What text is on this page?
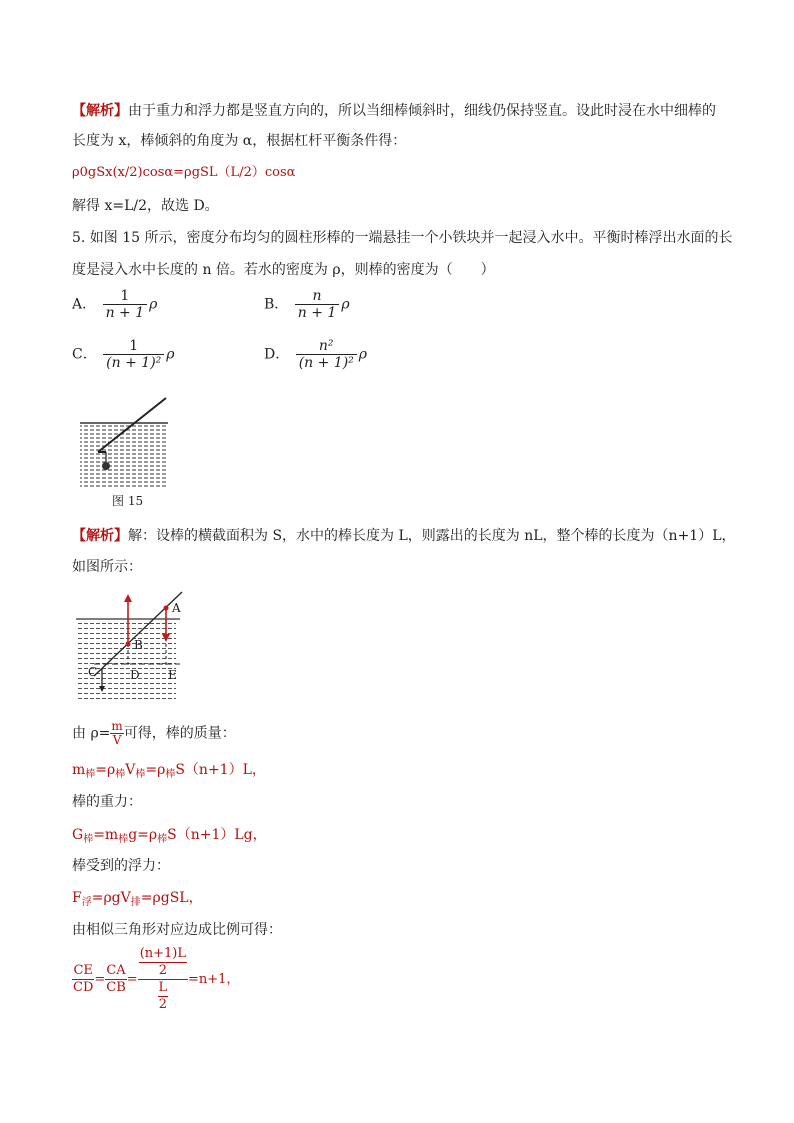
【解析】由于重力和浮力都是竖直方向的，所以当细棒倾斜时，细线仍保持竖直。设此时浸在水中细棒的
长度为 x，棒倾斜的角度为 α，根据杠杆平衡条件得：
ρ0gSx(x/2)cosα=ρgSL（L/2）cosα
解得 x=L/2，故选 D。
5. 如图 15 所示，密度分布均匀的圆柱形棒的一端悬挂一个小铁块并一起浸入水中。平衡时棒浮出水面的长
度是浸入水中长度的 n 倍。若水的密度为 ρ，则棒的密度为（　　）
A． $\frac{1}{n + 1}$ ρ	B． $\frac{n}{n + 1}$ ρ
C． $\frac{1}{\text{(n + 1)²}}$ ρ	D． $\frac{\text{n²}}{\text{(n + 1)²}}$ ρ
图 15
【解析】解：设棒的横截面积为 S，水中的棒长度为 L，则露出的长度为 nL，整个棒的长度为（n+1）L，
如图所示：
A
B
C	D E
由 $\rho= \frac{m}{V}$ 可得，棒的质量：
$m_棒=\rho_棒V_棒=\rho_棒S(n+1)L$，
棒的重力：
$G_棒=m_棒g=\rho_棒S(n+1)Lg$，
棒受到的浮力：
$F_浮=\rho gV_排=\rho gSL$，
由相似三角形对应边成比例可得：
$\frac{CE}{CD} = \frac{CA}{CB} = \frac{\frac{(n+1)L}{2}}{\frac{L}{2}} =n+1$，
